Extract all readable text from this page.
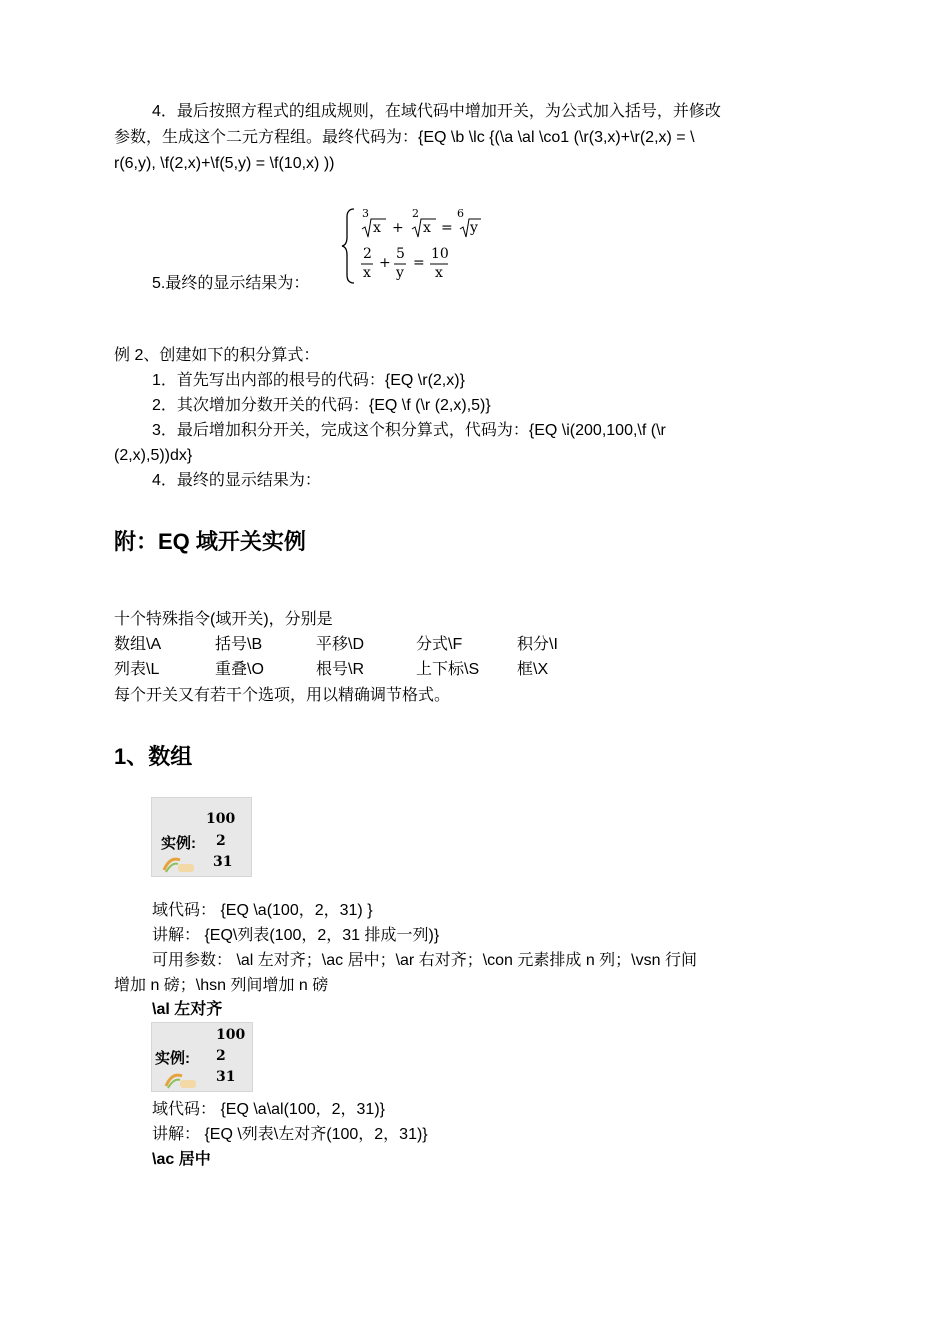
4．最后按照方程式的组成规则，在域代码中增加开关，为公式加入括号，并修改
参数，生成这个二元方程组。最终代码为：{EQ \b \lc {(\a \al \co1 (\r(3,x)+\r(2,x) = \
r(6,y), \f(2,x)+\f(5,y) = \f(10,x) ))
5.最终的显示结果为：
3
x +
2
x =
6
y
2
x
+
5
y
=
10
x
例 2、创建如下的积分算式：
1．首先写出内部的根号的代码：{EQ \r(2,x)}
2．其次增加分数开关的代码：{EQ \f (\r (2,x),5)}
3．最后增加积分开关，完成这个积分算式，代码为：{EQ \i(200,100,\f (\r
(2,x),5))dx}
4．最终的显示结果为：
附：EQ 域开关实例
十个特殊指令(域开关)，分别是
数组\A	括号\B	平移\D	分式\F	积分\I
列表\L	重叠\O	根号\R	上下标\S 框\X
每个开关又有若干个选项，用以精确调节格式。
1、数组
100
实例: 2
31
域代码： {EQ \a(100，2，31) }
讲解： {EQ\列表(100，2，31 排成一列)}
可用参数： \al 左对齐；\ac 居中；\ar 右对齐；\con 元素排成 n 列；\vsn 行间
增加 n 磅；\hsn 列间增加 n 磅
\al 左对齐
100
实例: 2
31
域代码： {EQ \a\al(100，2，31)}
讲解： {EQ \列表\左对齐(100，2，31)}
\ac 居中
